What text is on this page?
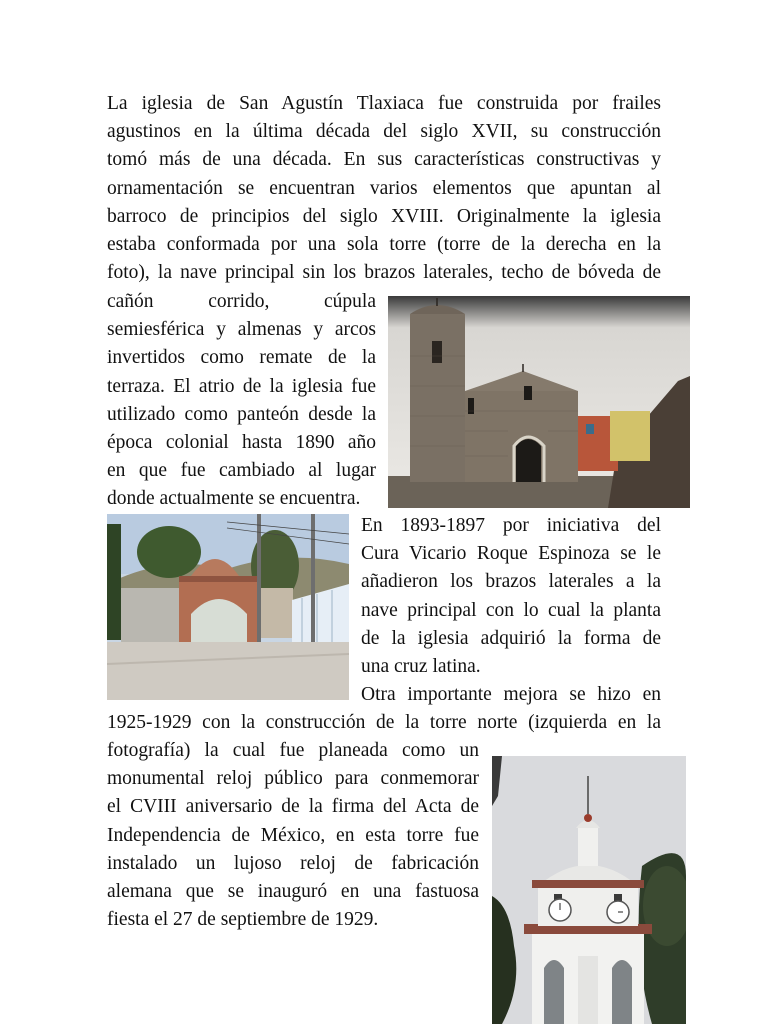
La iglesia de San Agustín Tlaxiaca fue construida por frailes
agustinos en la última década del siglo XVII, su construcción
tomó más de una década. En sus características constructivas y
ornamentación se encuentran varios elementos que apuntan al
barroco de principios del siglo XVIII. Originalmente la iglesia
estaba conformada por una sola torre (torre de la derecha en la
foto), la nave principal sin los brazos laterales, techo de bóveda de
cañón corrido, cúpula
semiesférica y almenas y arcos
invertidos como remate de la
terraza. El atrio de la iglesia fue
utilizado como panteón desde la
época colonial hasta 1890 año
en que fue cambiado al lugar
donde actualmente se encuentra.
En 1893-1897 por iniciativa del
Cura Vicario Roque Espinoza se le
añadieron los brazos laterales a la
nave principal con lo cual la planta
de la iglesia adquirió la forma de
una cruz latina.
Otra importante mejora se hizo en
1925-1929 con la construcción de la torre norte (izquierda en la
fotografía) la cual fue planeada como un
monumental reloj público para conmemorar
el CVIII aniversario de la firma del Acta de
Independencia de México, en esta torre fue
instalado un lujoso reloj de fabricación
alemana que se inauguró en una fastuosa
fiesta el 27 de septiembre de 1929.
